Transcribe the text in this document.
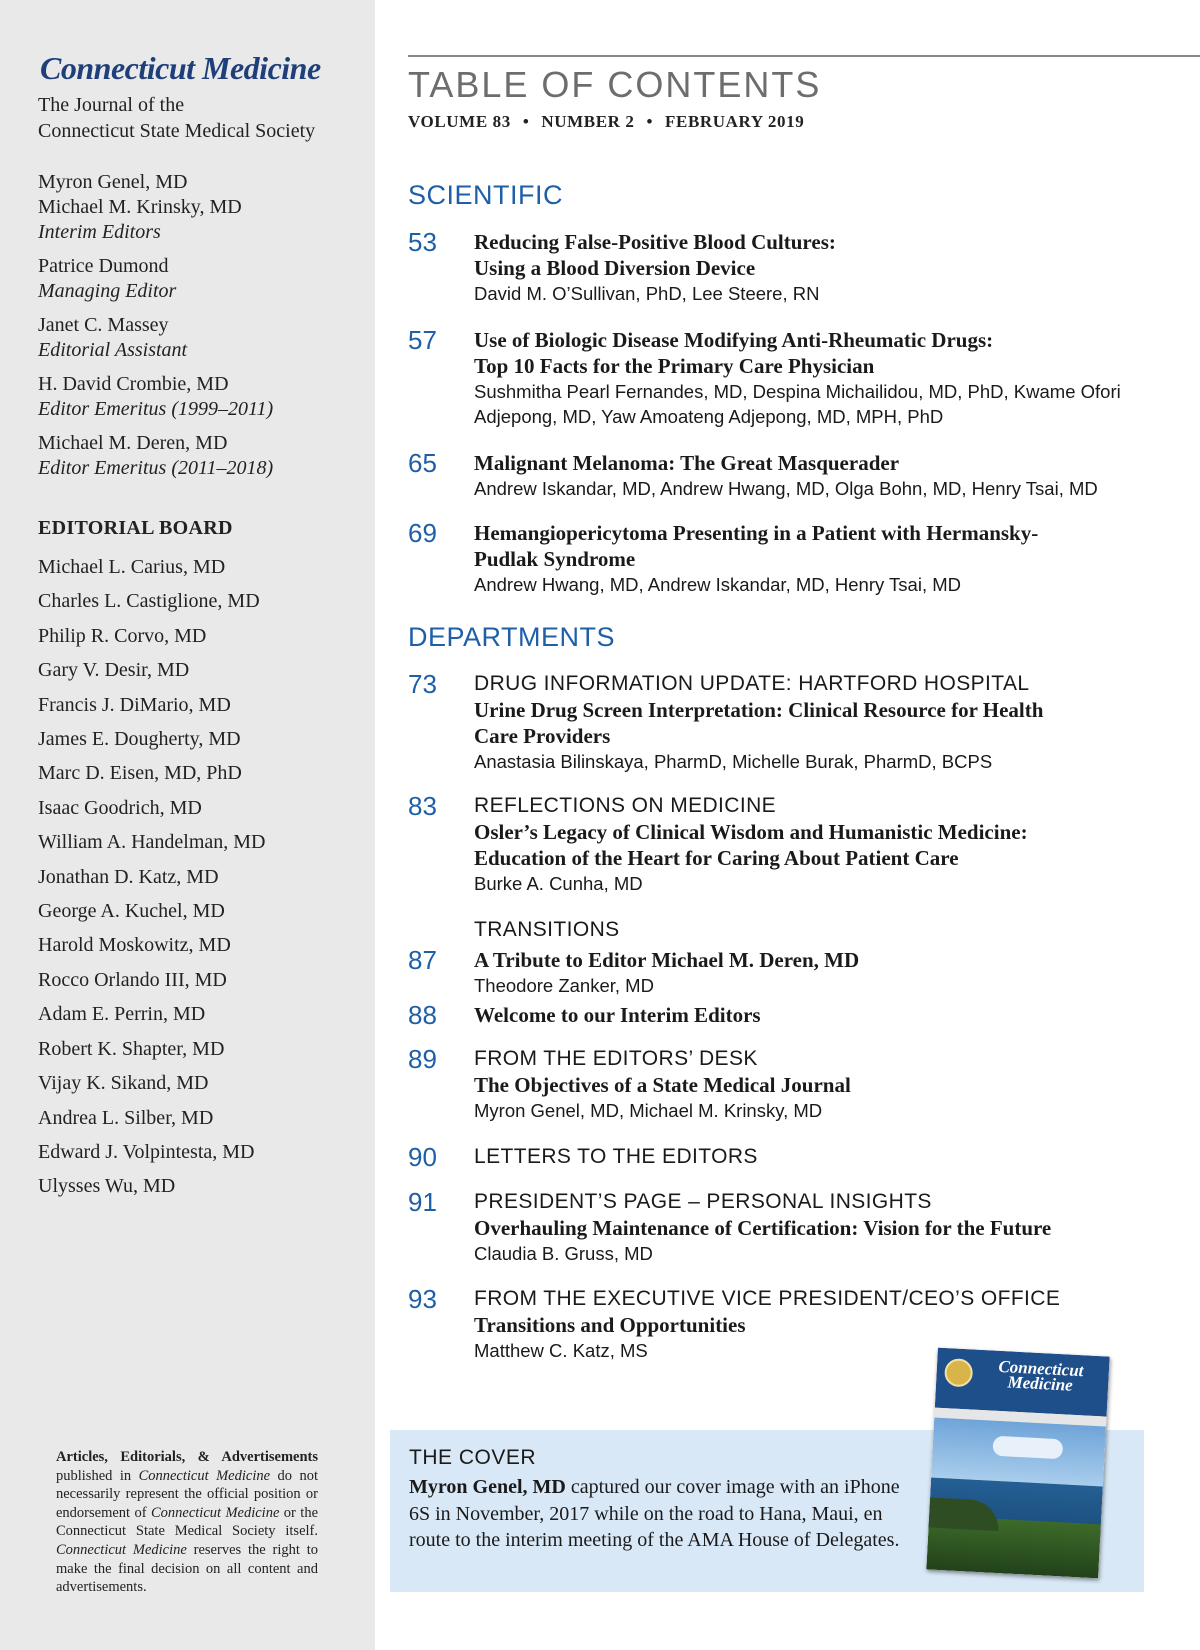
Connecticut Medicine
The Journal of the
Connecticut State Medical Society
Myron Genel, MD
Michael M. Krinsky, MD
Interim Editors
Patrice Dumond
Managing Editor
Janet C. Massey
Editorial Assistant
H. David Crombie, MD
Editor Emeritus (1999–2011)
Michael M. Deren, MD
Editor Emeritus (2011–2018)
EDITORIAL BOARD
Michael L. Carius, MD
Charles L. Castiglione, MD
Philip R. Corvo, MD
Gary V. Desir, MD
Francis J. DiMario, MD
James E. Dougherty, MD
Marc D. Eisen, MD, PhD
Isaac Goodrich, MD
William A. Handelman, MD
Jonathan D. Katz, MD
George A. Kuchel, MD
Harold Moskowitz, MD
Rocco Orlando III, MD
Adam E. Perrin, MD
Robert K. Shapter, MD
Vijay K. Sikand, MD
Andrea L. Silber, MD
Edward J. Volpintesta, MD
Ulysses Wu, MD
Articles, Editorials, & Advertisements published in Connecticut Medicine do not necessarily represent the official position or endorsement of Connecticut Medicine or the Connecticut State Medical Society itself. Connecticut Medicine reserves the right to make the final decision on all content and advertisements.
TABLE OF CONTENTS
VOLUME 83 • NUMBER 2 • FEBRUARY 2019
SCIENTIFIC
53 Reducing False-Positive Blood Cultures:
Using a Blood Diversion Device
David M. O’Sullivan, PhD, Lee Steere, RN
57 Use of Biologic Disease Modifying Anti-Rheumatic Drugs:
Top 10 Facts for the Primary Care Physician
Sushmitha Pearl Fernandes, MD, Despina Michailidou, MD, PhD, Kwame Ofori
Adjepong, MD, Yaw Amoateng Adjepong, MD, MPH, PhD
65 Malignant Melanoma: The Great Masquerader
Andrew Iskandar, MD, Andrew Hwang, MD, Olga Bohn, MD, Henry Tsai, MD
69 Hemangiopericytoma Presenting in a Patient with Hermansky-
Pudlak Syndrome
Andrew Hwang, MD, Andrew Iskandar, MD, Henry Tsai, MD
DEPARTMENTS
73 DRUG INFORMATION UPDATE: HARTFORD HOSPITAL
Urine Drug Screen Interpretation: Clinical Resource for Health
Care Providers
Anastasia Bilinskaya, PharmD, Michelle Burak, PharmD, BCPS
83 REFLECTIONS ON MEDICINE
Osler’s Legacy of Clinical Wisdom and Humanistic Medicine:
Education of the Heart for Caring About Patient Care
Burke A. Cunha, MD
TRANSITIONS
87 A Tribute to Editor Michael M. Deren, MD
Theodore Zanker, MD
88 Welcome to our Interim Editors
89 FROM THE EDITORS’ DESK
The Objectives of a State Medical Journal
Myron Genel, MD, Michael M. Krinsky, MD
90 LETTERS TO THE EDITORS
91 PRESIDENT’S PAGE – PERSONAL INSIGHTS
Overhauling Maintenance of Certification: Vision for the Future
Claudia B. Gruss, MD
93 FROM THE EXECUTIVE VICE PRESIDENT/CEO’S OFFICE
Transitions and Opportunities
Matthew C. Katz, MS
THE COVER
Myron Genel, MD captured our cover image with an iPhone 6S in November, 2017 while on the road to Hana, Maui, en route to the interim meeting of the AMA House of Delegates.
Connecticut Medicine
